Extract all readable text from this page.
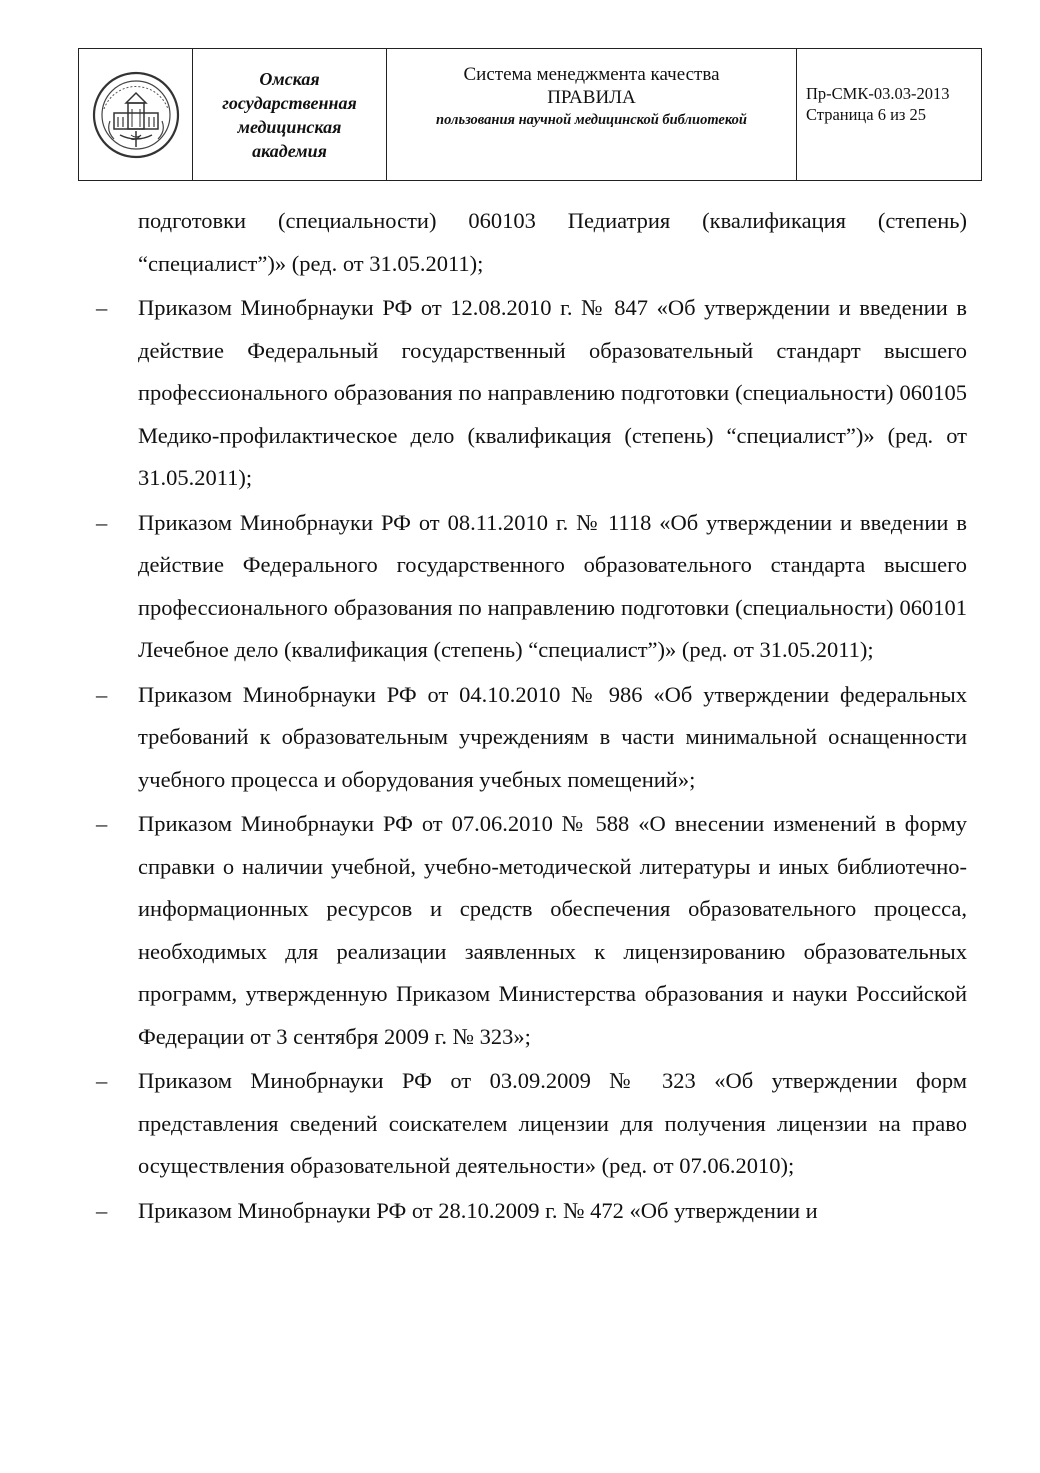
Омская
государственная
медицинская
академия

Система менеджмента качества
ПРАВИЛА
пользования научной медицинской библиотекой

Пр-СМК-03.03-2013
Страница 6 из 25

подготовки (специальности) 060103 Педиатрия (квалификация (степень) “специалист”)» (ред. от 31.05.2011);

–	Приказом Минобрнауки РФ от 12.08.2010 г. № 847 «Об утверждении и введении в действие Федеральный государственный образовательный стандарт высшего профессионального образования по направлению подготовки (специальности) 060105 Медико-профилактическое дело (квалификация (степень) “специалист”)» (ред. от 31.05.2011);

–	Приказом Минобрнауки РФ от 08.11.2010 г. № 1118 «Об утверждении и введении в действие Федерального государственного образовательного стандарта высшего профессионального образования по направлению подготовки (специальности) 060101 Лечебное дело (квалификация (степень) “специалист”)» (ред. от 31.05.2011);

–	Приказом Минобрнауки РФ от 04.10.2010 № 986 «Об утверждении федеральных требований к образовательным учреждениям в части минимальной оснащенности учебного процесса и оборудования учебных помещений»;

–	Приказом Минобрнауки РФ от 07.06.2010 № 588 «О внесении изменений в форму справки о наличии учебной, учебно-методической литературы и иных библиотечно-информационных ресурсов и средств обеспечения образовательного процесса, необходимых для реализации заявленных к лицензированию образовательных программ, утвержденную Приказом Министерства образования и науки Российской Федерации от 3 сентября 2009 г. № 323»;

–	Приказом Минобрнауки РФ от 03.09.2009 № 323 «Об утверждении форм представления сведений соискателем лицензии для получения лицензии на право осуществления образовательной деятельности» (ред. от 07.06.2010);

–	Приказом Минобрнауки РФ от 28.10.2009 г. № 472 «Об утверждении и
